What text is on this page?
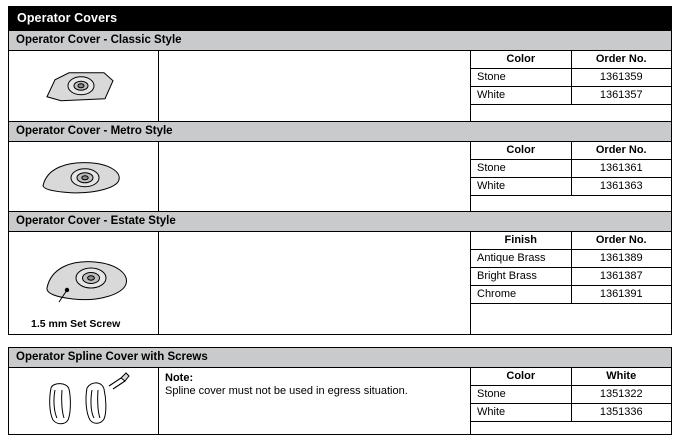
Operator Covers
Operator Cover - Classic Style
Color	Order No.
Stone	1361359
White	1361357

Operator Cover - Metro Style
Color	Order No.
Stone	1361361
White	1361363

Operator Cover - Estate Style
1.5 mm Set Screw
Finish	Order No.
Antique Brass	1361389
Bright Brass	1361387
Chrome	1361391

Operator Spline Cover with Screws
Note:
Spline cover must not be used in egress situation.
Color	White
Stone	1351322
White	1351336
